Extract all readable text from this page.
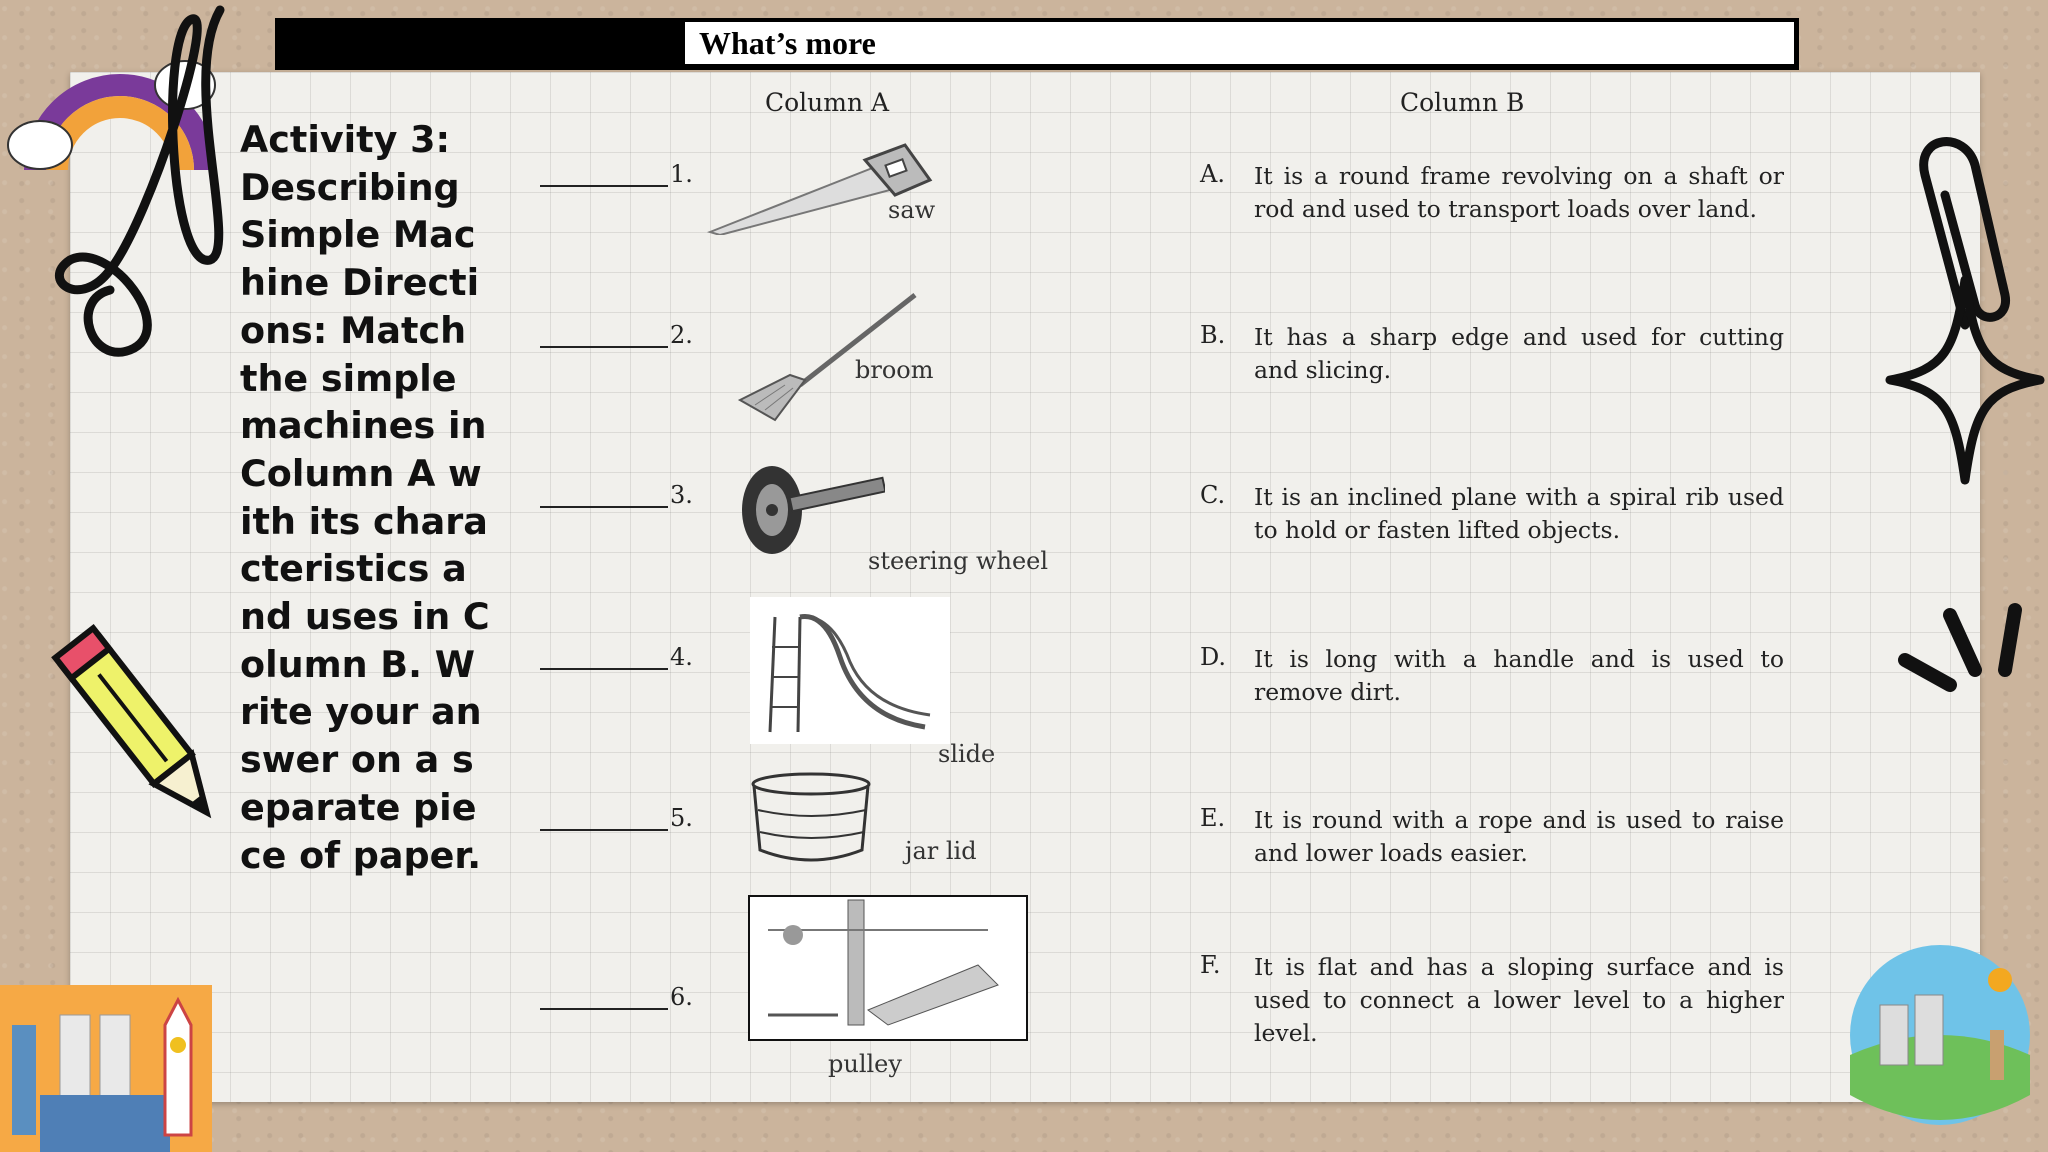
What’s more
Activity 3: Describing Simple Machine Directions: Match the simple machines in Column A with its characteristics and uses in Column B. Write your answer on a separate piece of paper.
Column A	Column B
1.
saw
2.
broom
3.
steering wheel
4.
slide
5.
jar lid
6.
pulley
A. It is a round frame revolving on a shaft or rod and used to transport loads over land.
B. It has a sharp edge and used for cutting and slicing.
C. It is an inclined plane with a spiral rib used to hold or fasten lifted objects.
D. It is long with a handle and is used to remove dirt.
E. It is round with a rope and is used to raise and lower loads easier.
F. It is flat and has a sloping surface and is used to connect a lower level to a higher level.
